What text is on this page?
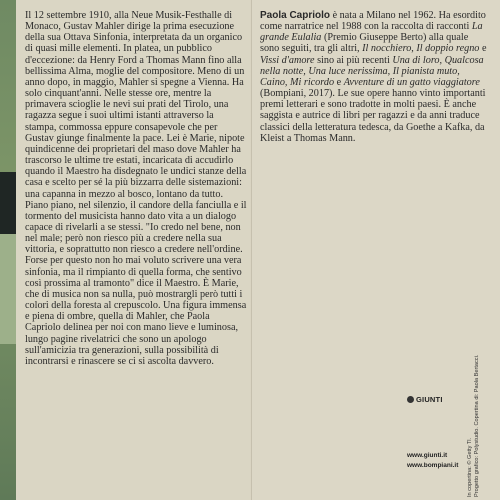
Il 12 settembre 1910, alla Neue Musik-Festhalle di Monaco, Gustav Mahler dirige la prima esecuzione della sua Ottava Sinfonia, interpretata da un organico di quasi mille elementi. In platea, un pubblico d'eccezione: da Henry Ford a Thomas Mann fino alla bellissima Alma, moglie del compositore. Meno di un anno dopo, in maggio, Mahler si spegne a Vienna. Ha solo cinquant'anni. Nelle stesse ore, mentre la primavera scioglie le nevi sui prati del Tirolo, una ragazza segue i suoi ultimi istanti attraverso la stampa, commossa eppure consapevole che per Gustav giunge finalmente la pace. Lei è Marie, nipote quindicenne dei proprietari del maso dove Mahler ha trascorso le ultime tre estati, incaricata di accudirlo quando il Maestro ha disdegnato le undici stanze della casa e scelto per sé la più bizzarra delle sistemazioni: una capanna in mezzo al bosco, lontano da tutto. Piano piano, nel silenzio, il candore della fanciulla e il tormento del musicista hanno dato vita a un dialogo capace di rivelarli a se stessi. "Io credo nel bene, non nel male; però non riesco più a credere nella sua vittoria, e soprattutto non riesco a credere nell'ordine. Forse per questo non ho mai voluto scrivere una vera sinfonia, ma il rimpianto di quella forma, che sentivo così prossima al tramonto" dice il Maestro. È Marie, che di musica non sa nulla, può mostrargli però tutti i colori della foresta al crepuscolo. Una figura immensa e piena di ombre, quella di Mahler, che Paola Capriolo delinea per noi con mano lieve e luminosa, lungo pagine rivelatrici che sono un apologo sull'amicizia tra generazioni, sulla possibilità di incontrarsi e rinascere se ci si ascolta davvero.

Paola Capriolo è nata a Milano nel 1962. Ha esordito come narratrice nel 1988 con la raccolta di racconti La grande Eulalia (Premio Giuseppe Berto) alla quale sono seguiti, tra gli altri, Il nocchiero, Il doppio regno e Vissi d'amore sino ai più recenti Una di loro, Qualcosa nella notte, Una luce nerissima, Il pianista muto, Caino, Mi ricordo e Avventure di un gatto viaggiatore (Bompiani, 2017). Le sue opere hanno vinto importanti premi letterari e sono tradotte in molti paesi. È anche saggista e autrice di libri per ragazzi e da anni traduce classici della letteratura tedesca, da Goethe a Kafka, da Kleist a Thomas Mann.

GIUNTI
www.giunti.it
www.bompiani.it In copertina: © Getty Tl. Progetto grafico: Polystudio. Copertina di: Paola Bertacci.
